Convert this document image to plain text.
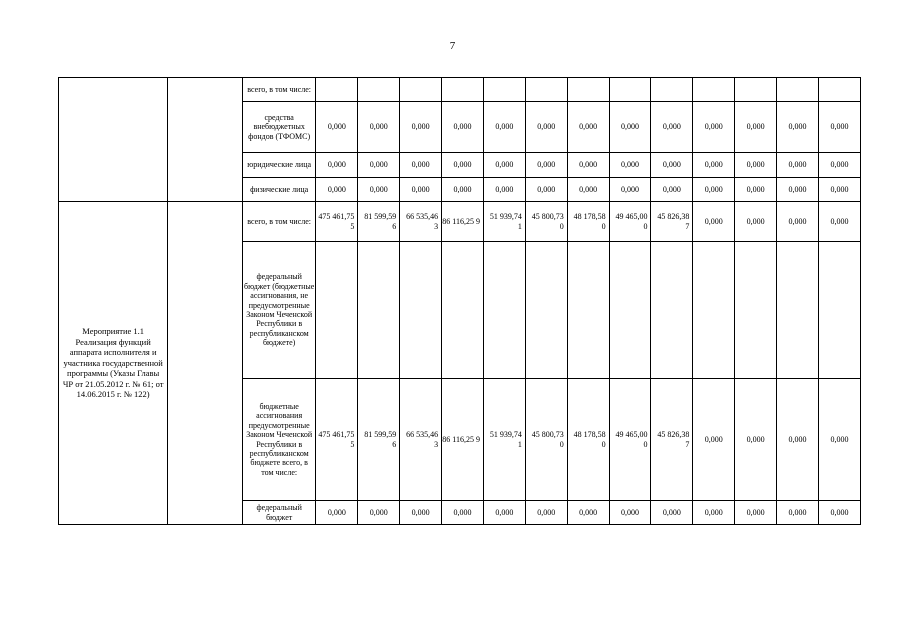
7
		всего, в том числе:													
		средства внебюджетных фондов (ТФОМС)	0,000	0,000	0,000	0,000	0,000	0,000	0,000	0,000	0,000	0,000	0,000	0,000	0,000
		юридические лица	0,000	0,000	0,000	0,000	0,000	0,000	0,000	0,000	0,000	0,000	0,000	0,000	0,000
		физические лица	0,000	0,000	0,000	0,000	0,000	0,000	0,000	0,000	0,000	0,000	0,000	0,000	0,000
Мероприятие 1.1 Реализация функций аппарата исполнителя и участника государственной программы (Указы Главы ЧР от 21.05.2012 г. № 61; от 14.06.2015 г. № 122)		всего, в том числе:	475 461,75 5	81 599,59 6	66 535,46 3	86 116,25 9	51 939,74 1	45 800,73 0	48 178,58 0	49 465,00 0	45 826,38 7	0,000	0,000	0,000	0,000
		федеральный бюджет (бюджетные ассигнования, не предусмотренные Законом Чеченской Республики в республиканском бюджете)													
		бюджетные ассигнования предусмотренные Законом Чеченской Республики в республиканском бюджете всего, в том числе:	475 461,75 5	81 599,59 6	66 535,46 3	86 116,25 9	51 939,74 1	45 800,73 0	48 178,58 0	49 465,00 0	45 826,38 7	0,000	0,000	0,000	0,000
		федеральный бюджет	0,000	0,000	0,000	0,000	0,000	0,000	0,000	0,000	0,000	0,000	0,000	0,000	0,000
